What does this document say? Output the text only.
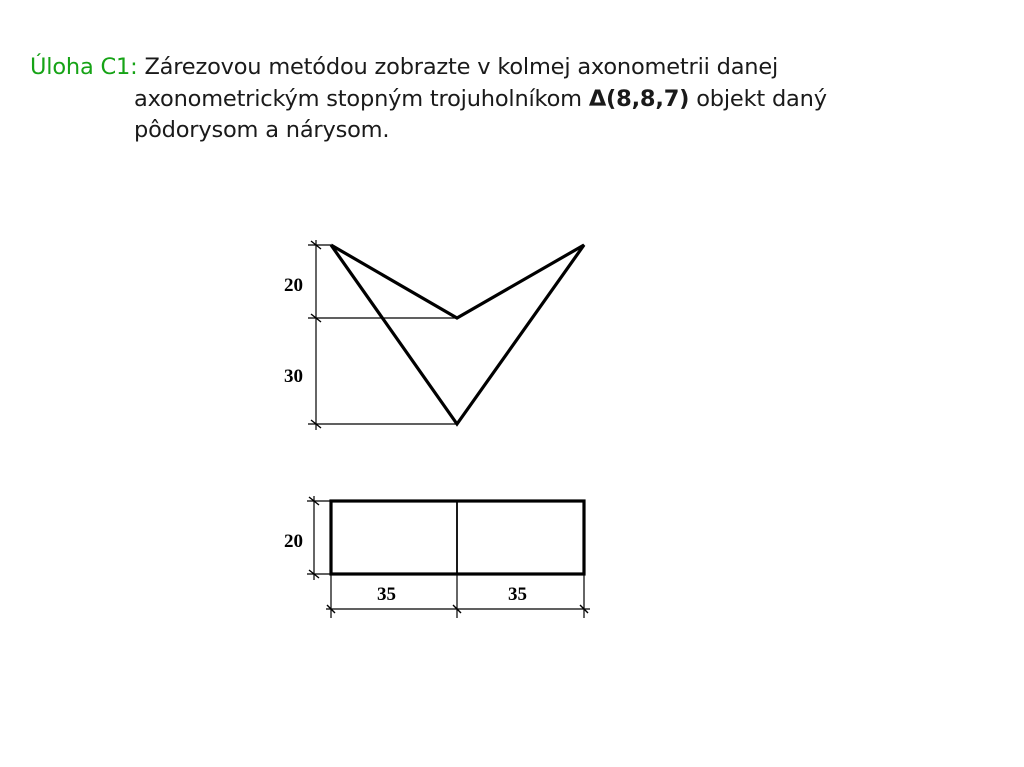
Úloha C1: Zárezovou metódou zobrazte v kolmej axonometrii danej
axonometrickým stopným trojuholníkom Δ(8,8,7) objekt daný
pôdorysom a nárysom.
20
30
20
35	35
